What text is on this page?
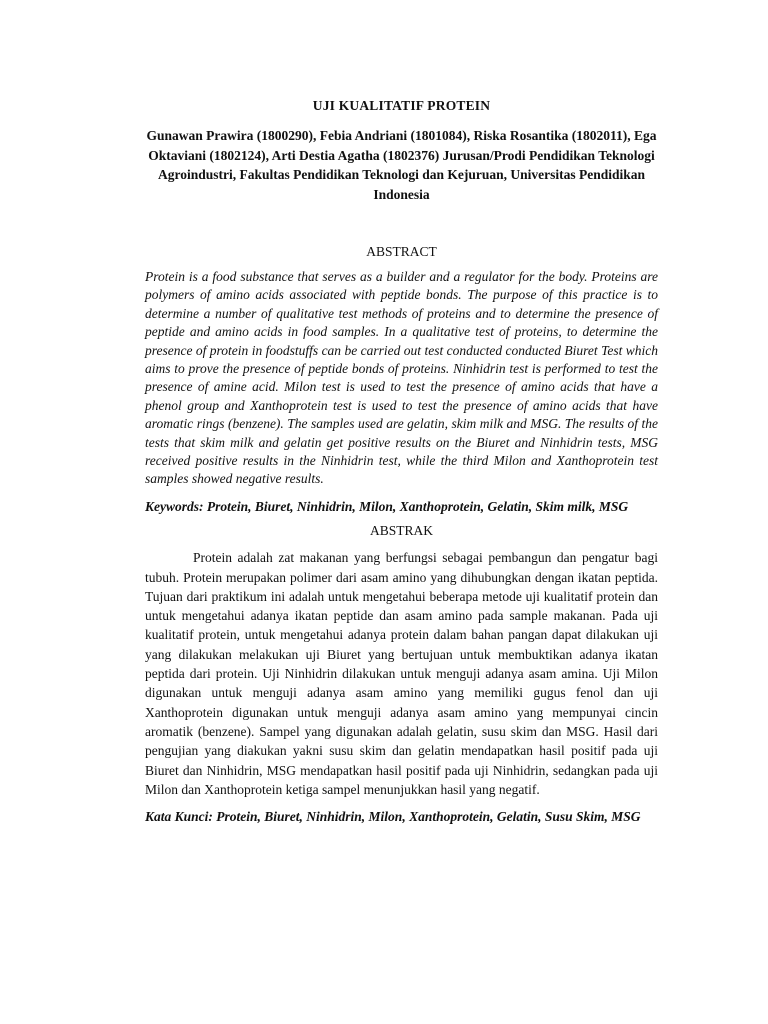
UJI KUALITATIF PROTEIN

Gunawan Prawira (1800290), Febia Andriani (1801084), Riska Rosantika (1802011), Ega Oktaviani (1802124), Arti Destia Agatha (1802376) Jurusan/Prodi Pendidikan Teknologi Agroindustri, Fakultas Pendidikan Teknologi dan Kejuruan, Universitas Pendidikan Indonesia

ABSTRACT

Protein is a food substance that serves as a builder and a regulator for the body. Proteins are polymers of amino acids associated with peptide bonds. The purpose of this practice is to determine a number of qualitative test methods of proteins and to determine the presence of peptide and amino acids in food samples. In a qualitative test of proteins, to determine the presence of protein in foodstuffs can be carried out test conducted conducted Biuret Test which aims to prove the presence of peptide bonds of proteins. Ninhidrin test is performed to test the presence of amine acid. Milon test is used to test the presence of amino acids that have a phenol group and Xanthoprotein test is used to test the presence of amino acids that have aromatic rings (benzene). The samples used are gelatin, skim milk and MSG. The results of the tests that skim milk and gelatin get positive results on the Biuret and Ninhidrin tests, MSG received positive results in the Ninhidrin test, while the third Milon and Xanthoprotein test samples showed negative results.

Keywords: Protein, Biuret, Ninhidrin, Milon, Xanthoprotein, Gelatin, Skim milk, MSG

ABSTRAK

Protein adalah zat makanan yang berfungsi sebagai pembangun dan pengatur bagi tubuh. Protein merupakan polimer dari asam amino yang dihubungkan dengan ikatan peptida. Tujuan dari praktikum ini adalah untuk mengetahui beberapa metode uji kualitatif protein dan untuk mengetahui adanya ikatan peptide dan asam amino pada sample makanan. Pada uji kualitatif protein, untuk mengetahui adanya protein dalam bahan pangan dapat dilakukan uji yang dilakukan melakukan uji Biuret yang bertujuan untuk membuktikan adanya ikatan peptida dari protein. Uji Ninhidrin dilakukan untuk menguji adanya asam amina. Uji Milon digunakan untuk menguji adanya asam amino yang memiliki gugus fenol dan uji Xanthoprotein digunakan untuk menguji adanya asam amino yang mempunyai cincin aromatik (benzene). Sampel yang digunakan adalah gelatin, susu skim dan MSG. Hasil dari pengujian yang diakukan yakni susu skim dan gelatin mendapatkan hasil positif pada uji Biuret dan Ninhidrin, MSG mendapatkan hasil positif pada uji Ninhidrin, sedangkan pada uji Milon dan Xanthoprotein ketiga sampel menunjukkan hasil yang negatif.

Kata Kunci: Protein, Biuret, Ninhidrin, Milon, Xanthoprotein, Gelatin, Susu Skim, MSG
